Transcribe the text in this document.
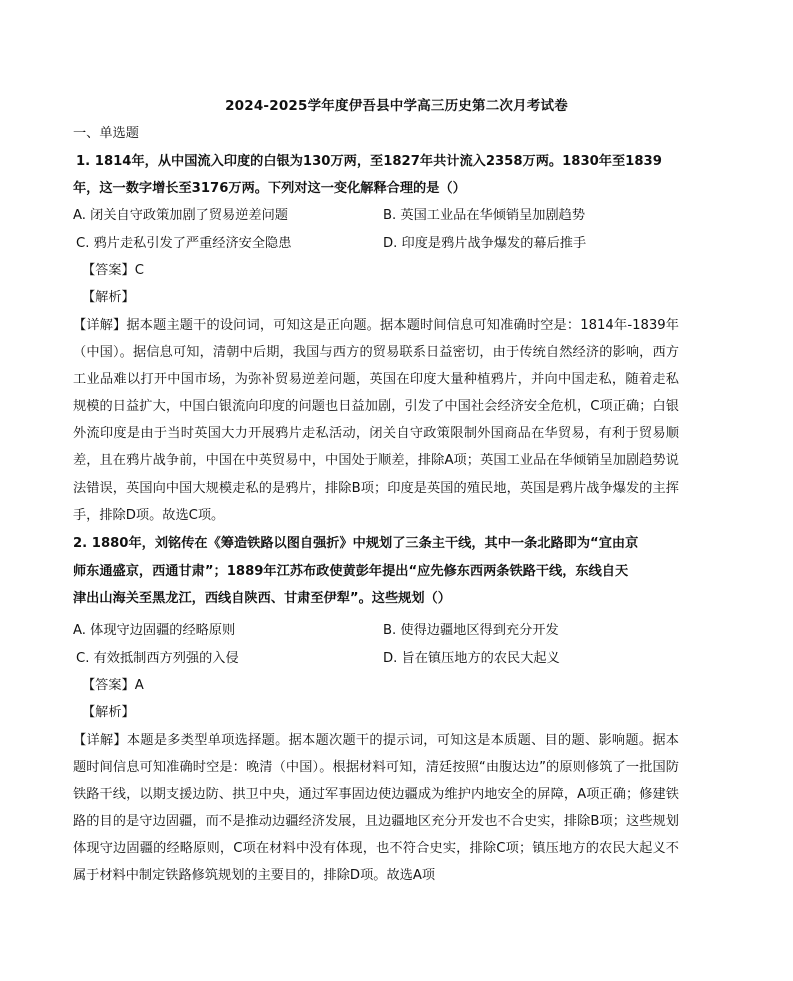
2024-2025学年度伊吾县中学高三历史第二次月考试卷
一、单选题
1. 1814年，从中国流入印度的白银为130万两，至1827年共计流入2358万两。1830年至1839
年，这一数字增长至3176万两。下列对这一变化解释合理的是（）
A. 闭关自守政策加剧了贸易逆差问题	B. 英国工业品在华倾销呈加剧趋势
C. 鸦片走私引发了严重经济安全隐患	D. 印度是鸦片战争爆发的幕后推手
【答案】C
【解析】
【详解】据本题主题干的设问词，可知这是正向题。据本题时间信息可知准确时空是：1814年-1839年（中国）。据信息可知，清朝中后期，我国与西方的贸易联系日益密切，由于传统自然经济的影响，西方工业品难以打开中国市场，为弥补贸易逆差问题，英国在印度大量种植鸦片，并向中国走私，随着走私规模的日益扩大，中国白银流向印度的问题也日益加剧，引发了中国社会经济安全危机，C项正确；白银外流印度是由于当时英国大力开展鸦片走私活动，闭关自守政策限制外国商品在华贸易，有利于贸易顺差，且在鸦片战争前，中国在中英贸易中，中国处于顺差，排除A项；英国工业品在华倾销呈加剧趋势说法错误，英国向中国大规模走私的是鸦片，排除B项；印度是英国的殖民地，英国是鸦片战争爆发的主挥手，排除D项。故选C项。
2. 1880年，刘铭传在《筹造铁路以图自强折》中规划了三条主干线，其中一条北路即为“宜由京
师东通盛京，西通甘肃”；1889年江苏布政使黄彭年提出“应先修东西两条铁路干线，东线自天
津出山海关至黑龙江，西线自陕西、甘肃至伊犁”。这些规划（）
A. 体现守边固疆的经略原则	B. 使得边疆地区得到充分开发
C. 有效抵制西方列强的入侵	D. 旨在镇压地方的农民大起义
【答案】A
【解析】
【详解】本题是多类型单项选择题。据本题次题干的提示词，可知这是本质题、目的题、影响题。据本题时间信息可知准确时空是：晚清（中国）。根据材料可知，清廷按照“由腹达边”的原则修筑了一批国防铁路干线，以期支援边防、拱卫中央，通过军事固边使边疆成为维护内地安全的屏障，A项正确；修建铁路的目的是守边固疆，而不是推动边疆经济发展，且边疆地区充分开发也不合史实，排除B项；这些规划体现守边固疆的经略原则，C项在材料中没有体现，也不符合史实，排除C项；镇压地方的农民大起义不属于材料中制定铁路修筑规划的主要目的，排除D项。故选A项
